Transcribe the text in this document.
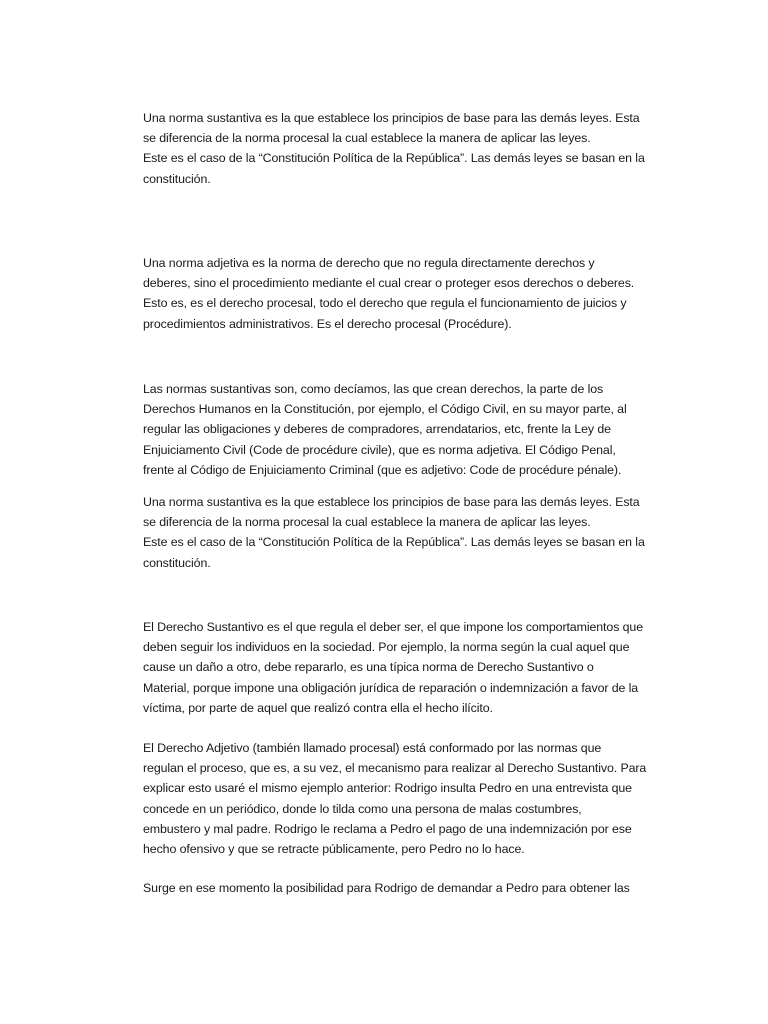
Una norma sustantiva es la que establece los principios de base para las demás leyes. Esta
se diferencia de la norma procesal la cual establece la manera de aplicar las leyes.
Este es el caso de la “Constitución Política de la República”. Las demás leyes se basan en la
constitución.

Una norma adjetiva es la norma de derecho que no regula directamente derechos y
deberes, sino el procedimiento mediante el cual crear o proteger esos derechos o deberes.
Esto es, es el derecho procesal, todo el derecho que regula el funcionamiento de juicios y
procedimientos administrativos. Es el derecho procesal (Procédure).

Las normas sustantivas son, como decíamos, las que crean derechos, la parte de los
Derechos Humanos en la Constitución, por ejemplo, el Código Civil, en su mayor parte, al
regular las obligaciones y deberes de compradores, arrendatarios, etc, frente la Ley de
Enjuiciamento Civil (Code de procédure civile), que es norma adjetiva. El Código Penal,
frente al Código de Enjuiciamento Criminal (que es adjetivo: Code de procédure pénale).

Una norma sustantiva es la que establece los principios de base para las demás leyes. Esta
se diferencia de la norma procesal la cual establece la manera de aplicar las leyes.
Este es el caso de la “Constitución Política de la República”. Las demás leyes se basan en la
constitución.

El Derecho Sustantivo es el que regula el deber ser, el que impone los comportamientos que
deben seguir los individuos en la sociedad. Por ejemplo, la norma según la cual aquel que
cause un daño a otro, debe repararlo, es una típica norma de Derecho Sustantivo o
Material, porque impone una obligación jurídica de reparación o indemnización a favor de la
víctima, por parte de aquel que realizó contra ella el hecho ilícito.

El Derecho Adjetivo (también llamado procesal) está conformado por las normas que
regulan el proceso, que es, a su vez, el mecanismo para realizar al Derecho Sustantivo. Para
explicar esto usaré el mismo ejemplo anterior: Rodrigo insulta Pedro en una entrevista que
concede en un periódico, donde lo tilda como una persona de malas costumbres,
embustero y mal padre. Rodrigo le reclama a Pedro el pago de una indemnización por ese
hecho ofensivo y que se retracte públicamente, pero Pedro no lo hace.

Surge en ese momento la posibilidad para Rodrigo de demandar a Pedro para obtener las
